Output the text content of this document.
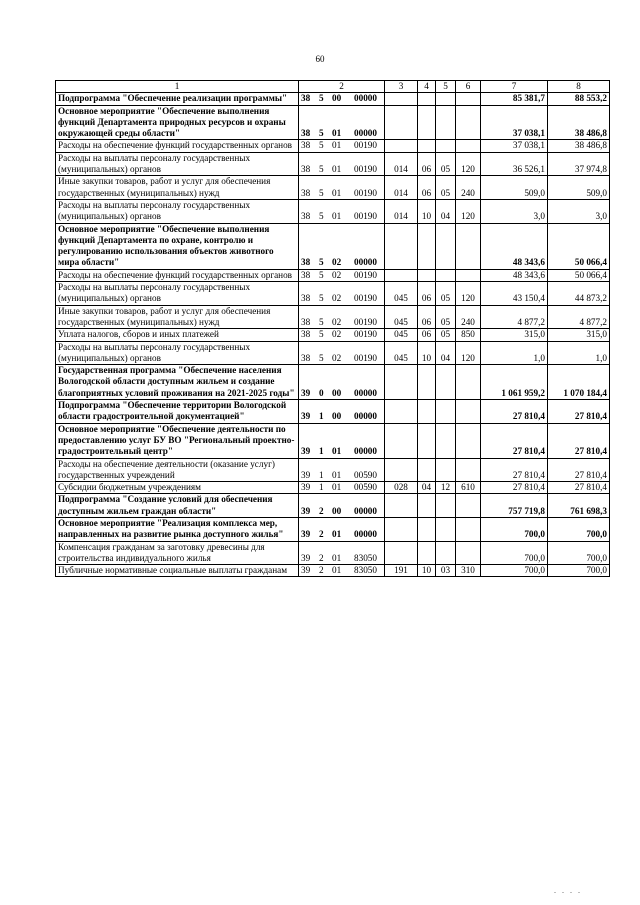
60
1	2	3	4	5	6	7	8
Подпрограмма "Обеспечение реализации программы"	38 5 00 00000					85 381,7	88 553,2
Основное мероприятие "Обеспечение выполнения функций Департамента природных ресурсов и охраны окружающей среды области"	38 5 01 00000					37 038,1	38 486,8
Расходы на обеспечение функций государственных органов	38 5 01 00190					37 038,1	38 486,8
Расходы на выплаты персоналу государственных (муниципальных) органов	38 5 01 00190	014	06	05	120	36 526,1	37 974,8
Иные закупки товаров, работ и услуг для обеспечения государственных (муниципальных) нужд	38 5 01 00190	014	06	05	240	509,0	509,0
Расходы на выплаты персоналу государственных (муниципальных) органов	38 5 01 00190	014	10	04	120	3,0	3,0
Основное мероприятие "Обеспечение выполнения функций Департамента по охране, контролю и регулированию использования объектов животного мира области"	38 5 02 00000					48 343,6	50 066,4
Расходы на обеспечение функций государственных органов	38 5 02 00190					48 343,6	50 066,4
Расходы на выплаты персоналу государственных (муниципальных) органов	38 5 02 00190	045	06	05	120	43 150,4	44 873,2
Иные закупки товаров, работ и услуг для обеспечения государственных (муниципальных) нужд	38 5 02 00190	045	06	05	240	4 877,2	4 877,2
Уплата налогов, сборов и иных платежей	38 5 02 00190	045	06	05	850	315,0	315,0
Расходы на выплаты персоналу государственных (муниципальных) органов	38 5 02 00190	045	10	04	120	1,0	1,0
Государственная программа "Обеспечение населения Вологодской области доступным жильем и создание благоприятных условий проживания на 2021-2025 годы"	39 0 00 00000					1 061 959,2	1 070 184,4
Подпрограмма "Обеспечение территории Вологодской области градостроительной документацией"	39 1 00 00000					27 810,4	27 810,4
Основное мероприятие "Обеспечение деятельности по предоставлению услуг БУ ВО "Региональный проектно-градостроительный центр"	39 1 01 00000					27 810,4	27 810,4
Расходы на обеспечение деятельности (оказание услуг) государственных учреждений	39 1 01 00590					27 810,4	27 810,4
Субсидии бюджетным учреждениям	39 1 01 00590	028	04	12	610	27 810,4	27 810,4
Подпрограмма "Создание условий для обеспечения доступным жильем граждан области"	39 2 00 00000					757 719,8	761 698,3
Основное мероприятие "Реализация комплекса мер, направленных на развитие рынка доступного жилья"	39 2 01 00000					700,0	700,0
Компенсация гражданам за заготовку древесины для строительства индивидуального жилья	39 2 01 83050					700,0	700,0
Публичные нормативные социальные выплаты гражданам	39 2 01 83050	191	10	03	310	700,0	700,0
. . . .
